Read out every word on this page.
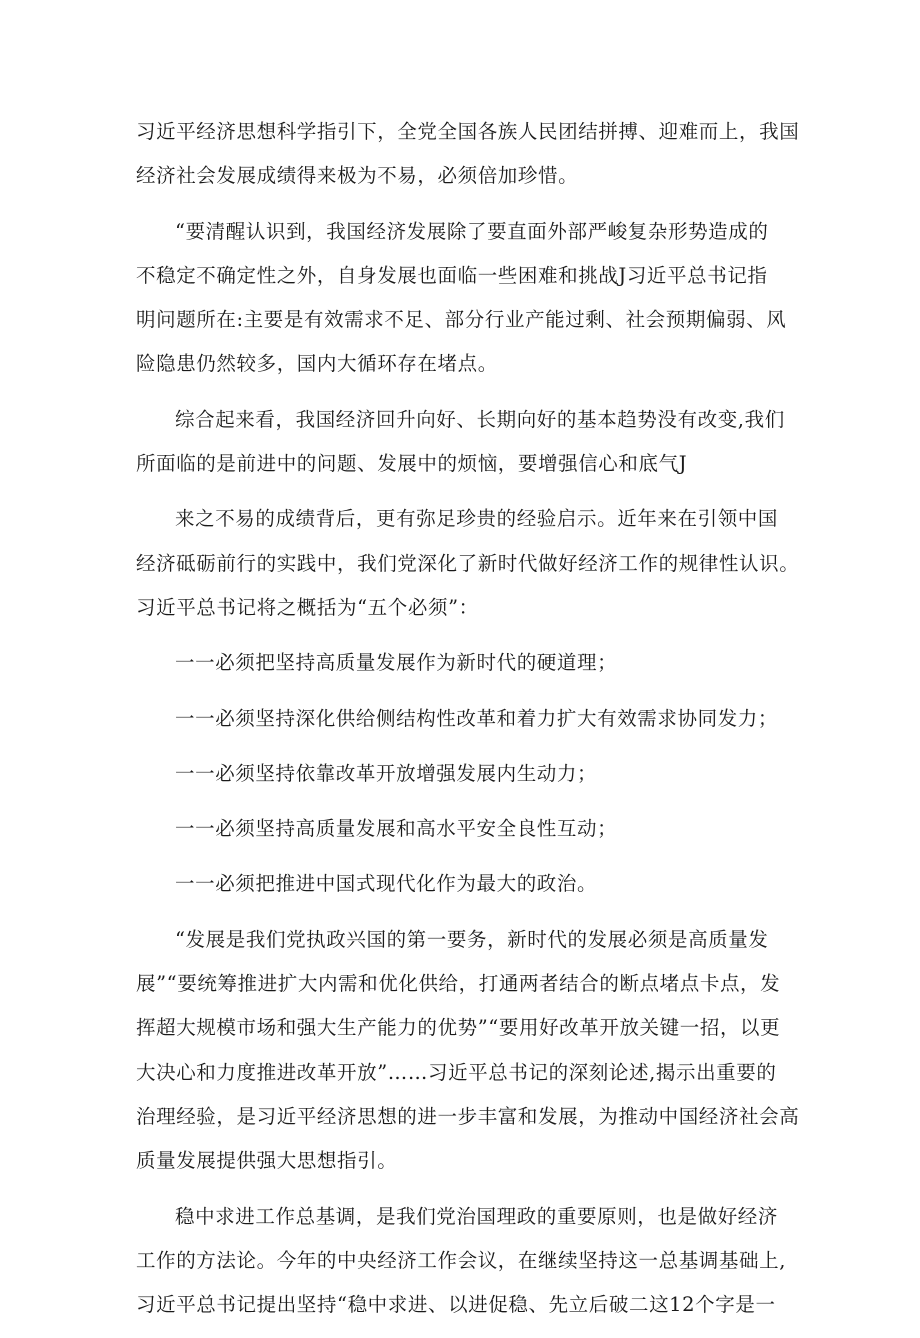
习近平经济思想科学指引下，全党全国各族人民团结拼搏、迎难而上，我国
经济社会发展成绩得来极为不易，必须倍加珍惜。

“要清醒认识到，我国经济发展除了要直面外部严峻复杂形势造成的
不稳定不确定性之外，自身发展也面临一些困难和挑战J习近平总书记指
明问题所在:主要是有效需求不足、部分行业产能过剩、社会预期偏弱、风
险隐患仍然较多，国内大循环存在堵点。

综合起来看，我国经济回升向好、长期向好的基本趋势没有改变,我们
所面临的是前进中的问题、发展中的烦恼，要增强信心和底气J

来之不易的成绩背后，更有弥足珍贵的经验启示。近年来在引领中国
经济砥砺前行的实践中，我们党深化了新时代做好经济工作的规律性认识。
习近平总书记将之概括为“五个必须”：

一一必须把坚持高质量发展作为新时代的硬道理；

一一必须坚持深化供给侧结构性改革和着力扩大有效需求协同发力；

一一必须坚持依靠改革开放增强发展内生动力；

一一必须坚持高质量发展和高水平安全良性互动；

一一必须把推进中国式现代化作为最大的政治。

“发展是我们党执政兴国的第一要务，新时代的发展必须是高质量发
展”“要统筹推进扩大内需和优化供给，打通两者结合的断点堵点卡点，发
挥超大规模市场和强大生产能力的优势”“要用好改革开放关键一招，以更
大决心和力度推进改革开放”……习近平总书记的深刻论述,揭示出重要的
治理经验，是习近平经济思想的进一步丰富和发展，为推动中国经济社会高
质量发展提供强大思想指引。

稳中求进工作总基调，是我们党治国理政的重要原则，也是做好经济
工作的方法论。今年的中央经济工作会议，在继续坚持这一总基调基础上,
习近平总书记提出坚持“稳中求进、以进促稳、先立后破二这12个字是一
